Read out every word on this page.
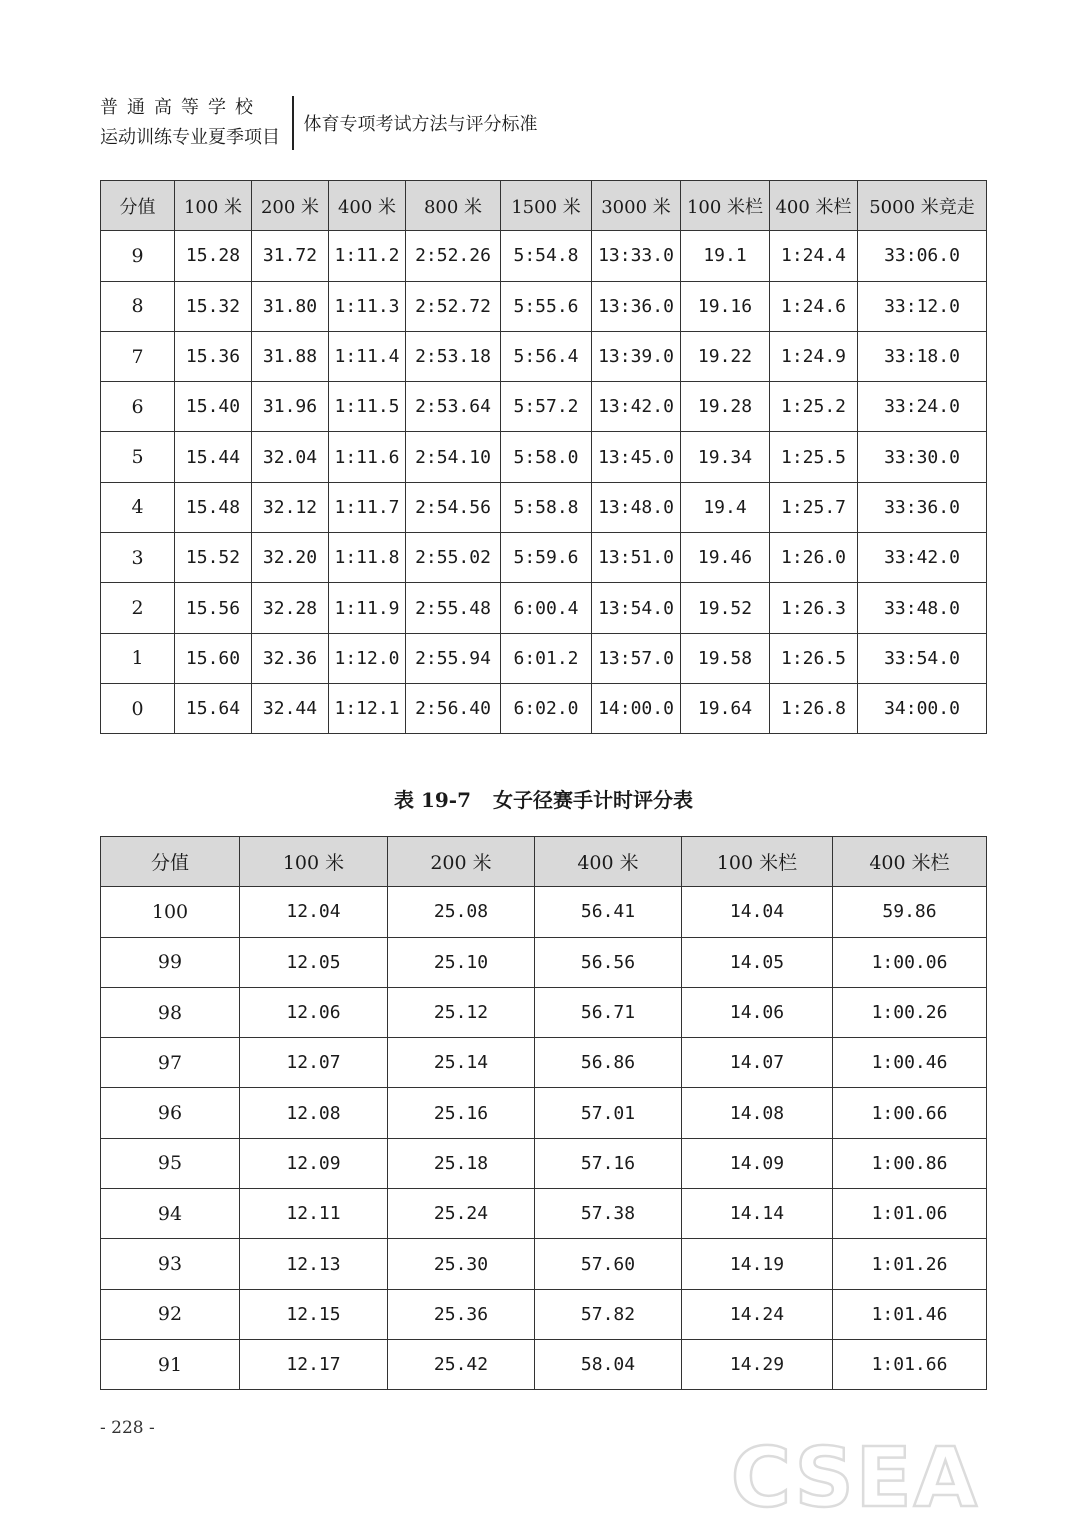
普通高等学校
运动训练专业夏季项目
体育专项考试方法与评分标准
分值	100 米	200 米	400 米	800 米	1500 米	3000 米	100 米栏	400 米栏	5000 米竞走
9	15.28	31.72	1:11.2	2:52.26	5:54.8	13:33.0	19.1	1:24.4	33:06.0
8	15.32	31.80	1:11.3	2:52.72	5:55.6	13:36.0	19.16	1:24.6	33:12.0
7	15.36	31.88	1:11.4	2:53.18	5:56.4	13:39.0	19.22	1:24.9	33:18.0
6	15.40	31.96	1:11.5	2:53.64	5:57.2	13:42.0	19.28	1:25.2	33:24.0
5	15.44	32.04	1:11.6	2:54.10	5:58.0	13:45.0	19.34	1:25.5	33:30.0
4	15.48	32.12	1:11.7	2:54.56	5:58.8	13:48.0	19.4	1:25.7	33:36.0
3	15.52	32.20	1:11.8	2:55.02	5:59.6	13:51.0	19.46	1:26.0	33:42.0
2	15.56	32.28	1:11.9	2:55.48	6:00.4	13:54.0	19.52	1:26.3	33:48.0
1	15.60	32.36	1:12.0	2:55.94	6:01.2	13:57.0	19.58	1:26.5	33:54.0
0	15.64	32.44	1:12.1	2:56.40	6:02.0	14:00.0	19.64	1:26.8	34:00.0
表 19-7 女子径赛手计时评分表
分值	100 米	200 米	400 米	100 米栏	400 米栏
100	12.04	25.08	56.41	14.04	59.86
99	12.05	25.10	56.56	14.05	1:00.06
98	12.06	25.12	56.71	14.06	1:00.26
97	12.07	25.14	56.86	14.07	1:00.46
96	12.08	25.16	57.01	14.08	1:00.66
95	12.09	25.18	57.16	14.09	1:00.86
94	12.11	25.24	57.38	14.14	1:01.06
93	12.13	25.30	57.60	14.19	1:01.26
92	12.15	25.36	57.82	14.24	1:01.46
91	12.17	25.42	58.04	14.29	1:01.66
- 228 -
CSEA
